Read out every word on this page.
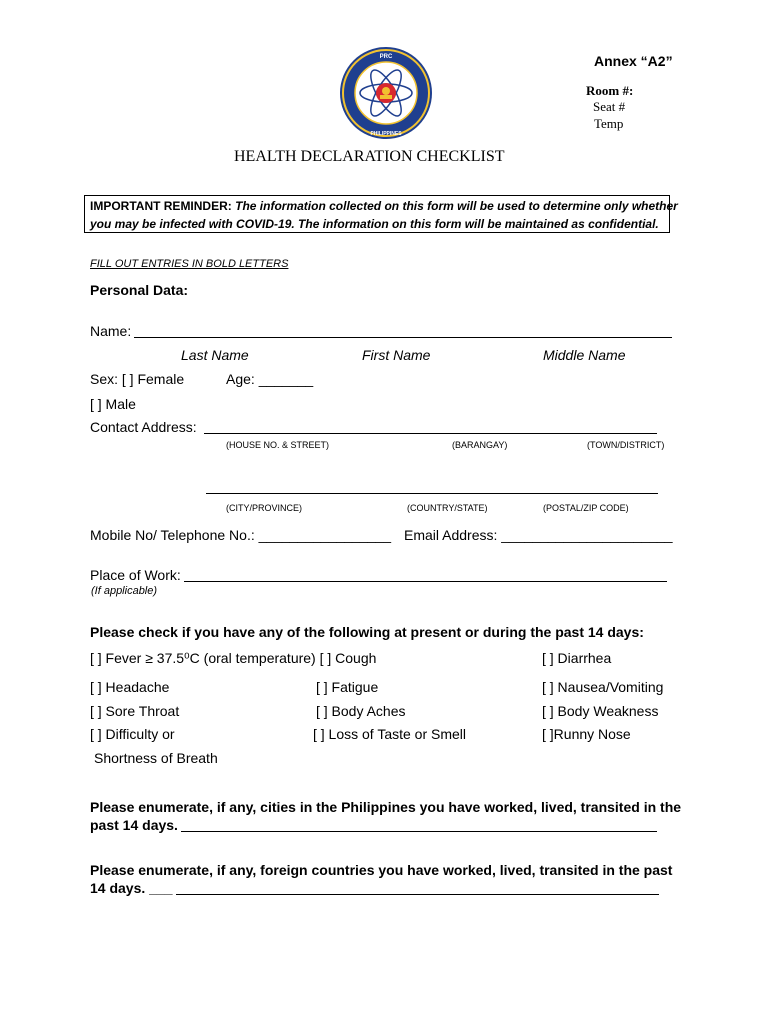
PRC
PHILIPPINES
Annex “A2”
Room #:
Seat #
Temp
HEALTH DECLARATION CHECKLIST
IMPORTANT REMINDER: The information collected on this form will be used to determine only whether
you may be infected with COVID-19. The information on this form will be maintained as confidential.
FILL OUT ENTRIES IN BOLD LETTERS
Personal Data:
Name:
Last Name	First Name	Middle Name
Sex: [ ] Female	Age: _______
[ ] Male
Contact Address:
(HOUSE NO. & STREET)	(BARANGAY)	(TOWN/DISTRICT)
(CITY/PROVINCE)	(COUNTRY/STATE)	(POSTAL/ZIP CODE)
Mobile No/ Telephone No.: _________________ Email Address: ______________________
Place of Work:
(If applicable)
Please check if you have any of the following at present or during the past 14 days:
[ ] Fever ≥ 37.5⁰C (oral temperature) [ ] Cough	[ ] Diarrhea
[ ] Headache	[ ] Fatigue	[ ] Nausea/Vomiting
[ ] Sore Throat	[ ] Body Aches	[ ] Body Weakness
[ ] Difficulty or	[ ] Loss of Taste or Smell	[ ]Runny Nose
Shortness of Breath
Please enumerate, if any, cities in the Philippines you have worked, lived, transited in the
past 14 days.
Please enumerate, if any, foreign countries you have worked, lived, transited in the past
14 days. ___
